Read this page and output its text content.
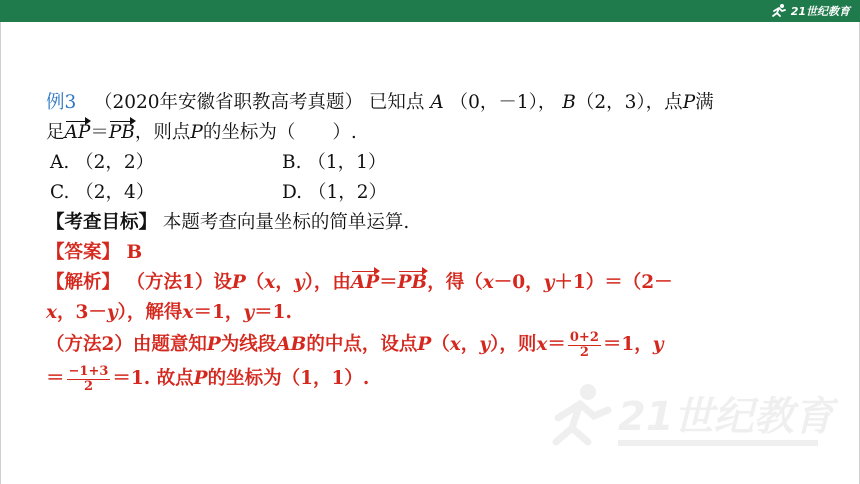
21世纪教育
例3 （2020年安徽省职教高考真题） 已知点 A （0，－1）， B（2，3），点P满
足AP＝PB，则点P的坐标为（　　）.
A. （2，2）	B. （1，1）
C. （2，4）	D. （1，2）
【考查目标】 本题考查向量坐标的简单运算.
【答案】 B
【解析】 （方法1）设P（x，y），由AP＝PB，得（x－0，y＋1）＝（2－
x，3－y），解得x＝1，y＝1.
（方法2）由题意知P为线段AB的中点，设点P（x，y），则$x= \frac{0+2}{2} =1$，y
＝ $\frac{-1+3}{2} =1$. 故点P的坐标为（1，1）.
21世纪教育
